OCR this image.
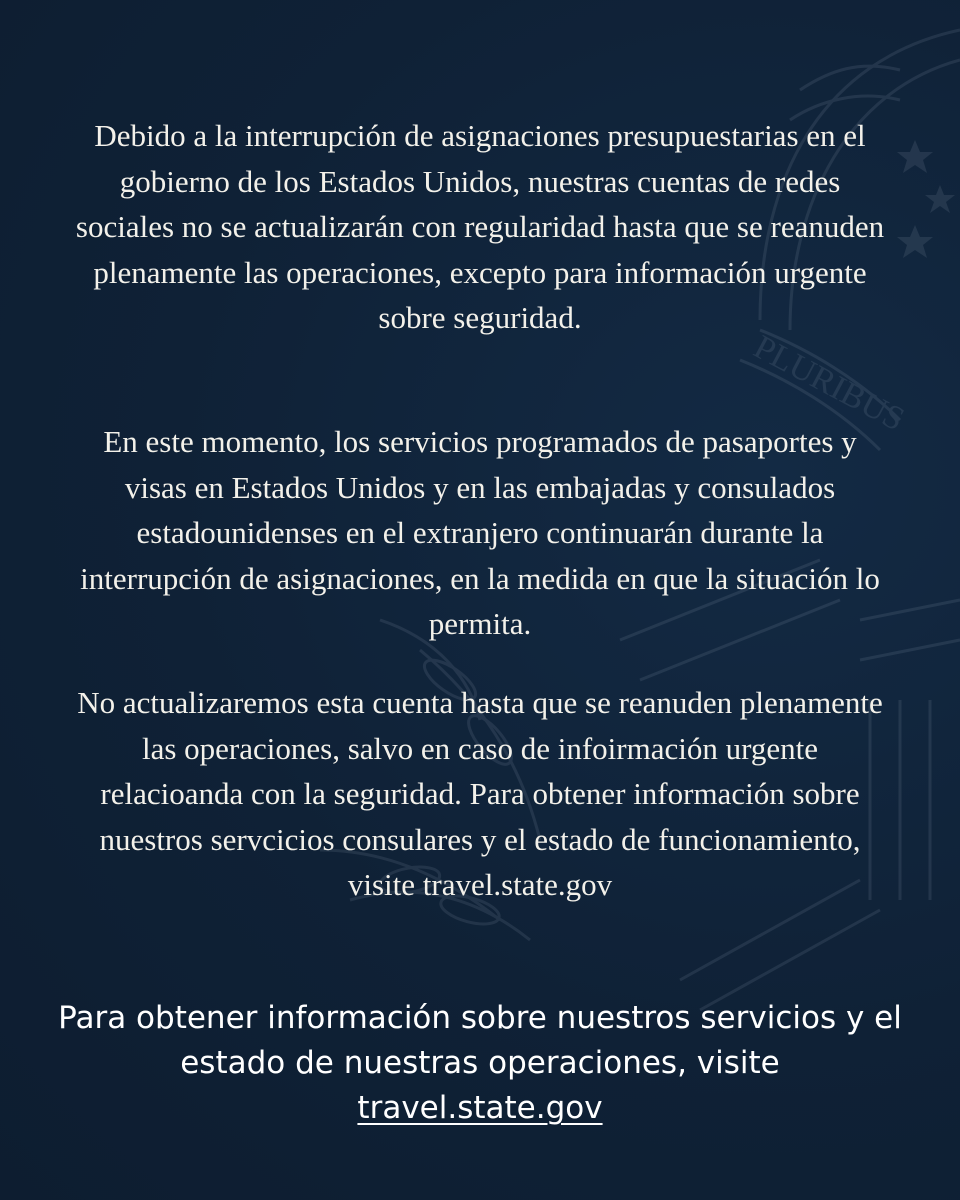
PLURIBUS

Debido a la interrupción de asignaciones presupuestarias en el gobierno de los Estados Unidos, nuestras cuentas de redes sociales no se actualizarán con regularidad hasta que se reanuden plenamente las operaciones, excepto para información urgente sobre seguridad.

En este momento, los servicios programados de pasaportes y visas en Estados Unidos y en las embajadas y consulados estadounidenses en el extranjero continuarán durante la interrupción de asignaciones, en la medida en que la situación lo permita.

No actualizaremos esta cuenta hasta que se reanuden plenamente las operaciones, salvo en caso de infoirmación urgente relacioanda con la seguridad. Para obtener información sobre nuestros servcicios consulares y el estado de funcionamiento, visite travel.state.gov

Para obtener información sobre nuestros servicios y el estado de nuestras operaciones, visite
travel.state.gov
